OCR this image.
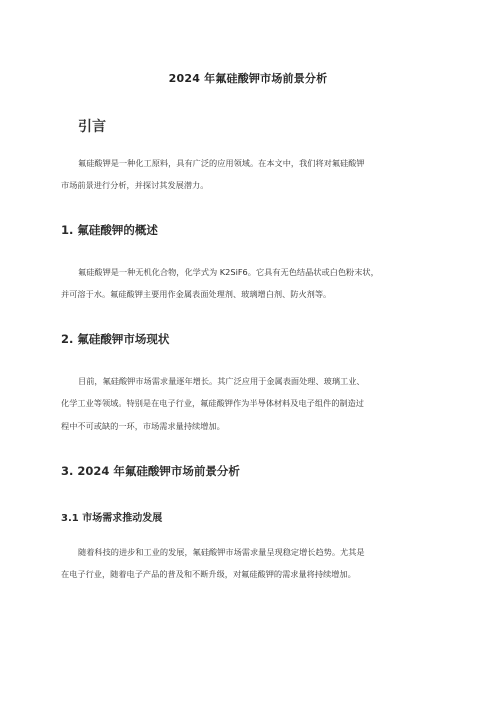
2024 年氟硅酸钾市场前景分析
引言
氟硅酸钾是一种化工原料，具有广泛的应用领域。在本文中，我们将对氟硅酸钾
市场前景进行分析，并探讨其发展潜力。
1. 氟硅酸钾的概述
氟硅酸钾是一种无机化合物，化学式为 K2SiF6。它具有无色结晶状或白色粉末状，
并可溶于水。氟硅酸钾主要用作金属表面处理剂、玻璃增白剂、防火剂等。
2. 氟硅酸钾市场现状
目前，氟硅酸钾市场需求量逐年增长。其广泛应用于金属表面处理、玻璃工业、
化学工业等领域。特别是在电子行业，氟硅酸钾作为半导体材料及电子组件的制造过
程中不可或缺的一环，市场需求量持续增加。
3. 2024 年氟硅酸钾市场前景分析
3.1 市场需求推动发展
随着科技的进步和工业的发展，氟硅酸钾市场需求量呈现稳定增长趋势。尤其是
在电子行业，随着电子产品的普及和不断升级，对氟硅酸钾的需求量将持续增加。
